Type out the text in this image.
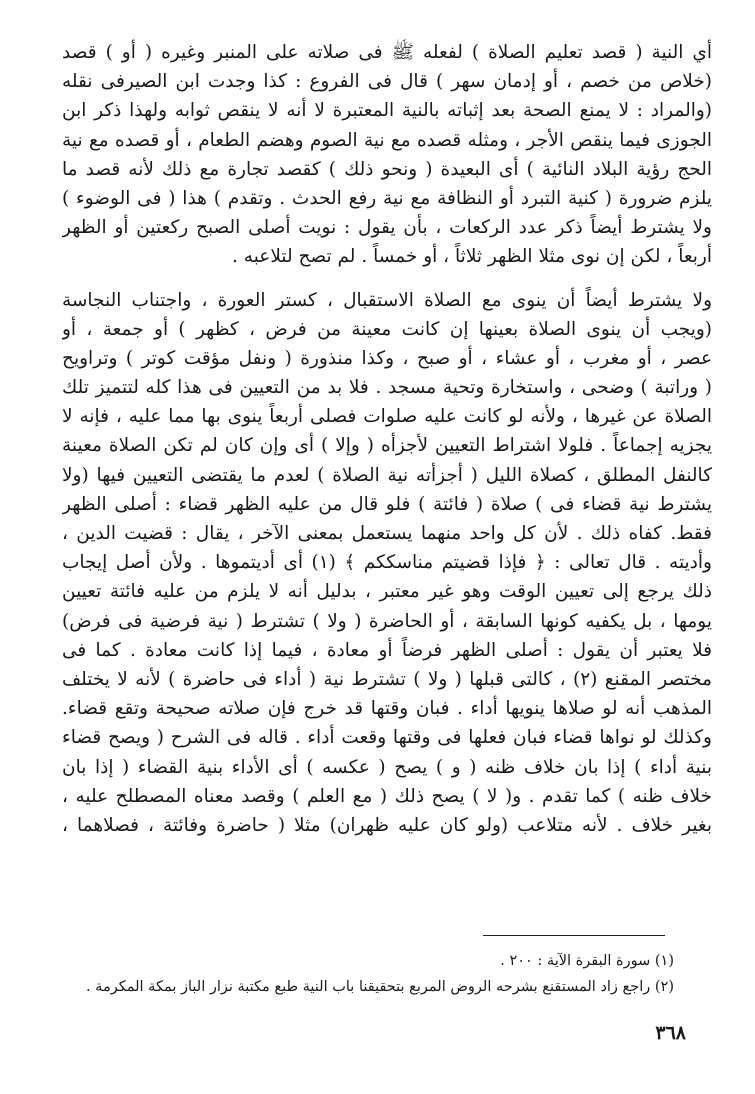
أي النية ( قصد تعليم الصلاة ) لفعله ﷺ فى صلاته على المنبر وغيره ( أو ) قصد
(خلاص من خصم ، أو إدمان سهر ) قال فى الفروع : كذا وجدت ابن الصيرفى نقله
(والمراد : لا يمنع الصحة بعد إثباته بالنية المعتبرة لا أنه لا ينقص ثوابه ولهذا ذكر ابن
الجوزى فيما ينقص الأجر ، ومثله قصده مع نية الصوم وهضم الطعام ، أو قصده مع نية
الحج رؤية البلاد النائية ) أى البعيدة ( ونحو ذلك ) كقصد تجارة مع ذلك لأنه قصد ما
يلزم ضرورة ( كنية التبرد أو النظافة مع نية رفع الحدث . وتقدم ) هذا ( فى الوضوء )
ولا يشترط أيضاً ذكر عدد الركعات ، بأن يقول : نويت أصلى الصبح ركعتين أو الظهر
أربعاً ، لكن إن نوى مثلا الظهر ثلاثاً ، أو خمساً . لم تصح لتلاعبه .
ولا يشترط أيضاً أن ينوى مع الصلاة الاستقبال ، كستر العورة ، واجتناب النجاسة
(ويجب أن ينوى الصلاة بعينها إن كانت معينة من فرض ، كظهر ) أو جمعة ، أو
عصر ، أو مغرب ، أو عشاء ، أو صبح ، وكذا منذورة ( ونفل مؤقت كوتر ) وتراويح
( وراتبة ) وضحى ، واستخارة وتحية مسجد . فلا بد من التعيين فى هذا كله لتتميز تلك
الصلاة عن غيرها ، ولأنه لو كانت عليه صلوات فصلى أربعاً ينوى بها مما عليه ، فإنه لا
يجزيه إجماعاً . فلولا اشتراط التعيين لأجزأه ( وإلا ) أى وإن كان لم تكن الصلاة معينة
كالنفل المطلق ، كصلاة الليل ( أجزأته نية الصلاة ) لعدم ما يقتضى التعيين فيها (ولا
يشترط نية قضاء فى ) صلاة ( فائتة ) فلو قال من عليه الظهر قضاء : أصلى الظهر
فقط. كفاه ذلك . لأن كل واحد منهما يستعمل بمعنى الآخر ، يقال : قضيت الدين ،
وأديته . قال تعالى : ﴿ فإذا قضيتم مناسككم ﴾ (١) أى أديتموها . ولأن أصل إيجاب
ذلك يرجع إلى تعيين الوقت وهو غير معتبر ، بدليل أنه لا يلزم من عليه فائتة تعيين
يومها ، بل يكفيه كونها السابقة ، أو الحاضرة ( ولا ) تشترط ( نية فرضية فى فرض)
فلا يعتبر أن يقول : أصلى الظهر فرضاً أو معادة ، فيما إذا كانت معادة . كما فى
مختصر المقنع (٢) ، كالتى قبلها ( ولا ) تشترط نية ( أداء فى حاضرة ) لأنه لا يختلف
المذهب أنه لو صلاها ينويها أداء . فبان وقتها قد خرج فإن صلاته صحيحة وتقع قضاء.
وكذلك لو نواها قضاء فبان فعلها فى وقتها وقعت أداء . قاله فى الشرح ( ويصح قضاء
بنية أداء ) إذا بان خلاف ظنه ( و ) يصح ( عكسه ) أى الأداء بنية القضاء ( إذا بان
خلاف ظنه ) كما تقدم . و( لا ) يصح ذلك ( مع العلم ) وقصد معناه المصطلح عليه ،
بغير خلاف . لأنه متلاعب (ولو كان عليه ظهران) مثلا ( حاضرة وفائتة ، فصلاهما ،
(١) سورة البقرة الآية : ٢٠٠ .
(٢) راجع زاد المستقنع بشرحه الروض المربع بتحقيقنا باب النية طبع مكتبة نزار الباز بمكة المكرمة .
٣٦٨
